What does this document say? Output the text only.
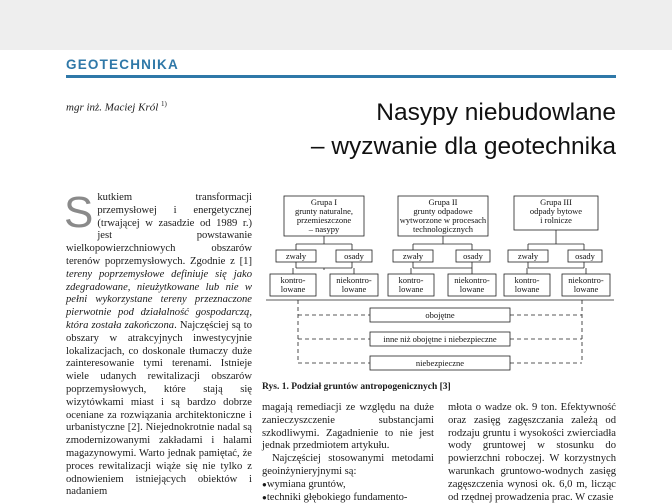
GEOTECHNIKA
mgr inż. Maciej Król $^{1)}$	Nasypy niebudowlane
– wyzwanie dla geotechnika

Skutkiem transformacji przemysłowej i energetycznej (trwającej w zasadzie od 1989 r.) jest powstawanie wielkopowierzchniowych obszarów terenów poprzemysłowych. Zgodnie z [1] tereny poprzemysłowe definiuje się jako zdegradowane, nieużytkowane lub nie w pełni wykorzystane tereny przeznaczone pierwotnie pod działalność gospodarczą, która została zakończona. Najczęściej są to obszary w atrakcyjnych inwestycyjnie lokalizacjach, co doskonale tłumaczy duże zainteresowanie tymi terenami. Istnieje wiele udanych rewitalizacji obszarów poprzemysłowych, które stają się wizytówkami miast i są bardzo dobrze oceniane za rozwiązania architektoniczne i urbanistyczne [2]. Niejednokrotnie nadal są zmodernizowanymi zakładami i halami magazynowymi. Warto jednak pamiętać, że proces rewitalizacji wiąże się nie tylko z odnowieniem istniejących obiektów i nadaniem

Grupa I
grunty naturalne,
przemieszczone
– nasypy
Grupa II
grunty odpadowe
wytworzone w procesach
technologicznych
Grupa III
odpady bytowe
i rolnicze
zwały	osady	zwały	osady	zwały	osady
kontro-
lowane
niekontro-
lowane
kontro-
lowane
niekontro-
lowane
kontro-
lowane
niekontro-
lowane
obojętne
inne niż obojętne i niebezpieczne
niebezpieczne
Rys. 1. Podział gruntów antropogenicznych [3]

magają remediacji ze względu na duże zanieczyszczenie substancjami szkodliwymi. Zagadnienie to nie jest jednak przedmiotem artykułu.

Najczęściej stosowanymi metodami geoinżynieryjnymi są:

● wymiana gruntów,
● techniki głębokiego fundamento-

młota o wadze ok. 9 ton. Efektywność oraz zasięg zagęszczania zależą od rodzaju gruntu i wysokości zwierciadła wody gruntowej w stosunku do powierzchni roboczej. W korzystnych warunkach gruntowo-wodnych zasięg zagęszczenia wynosi ok. 6,0 m, licząc od rzędnej prowadzenia prac. W czasie
